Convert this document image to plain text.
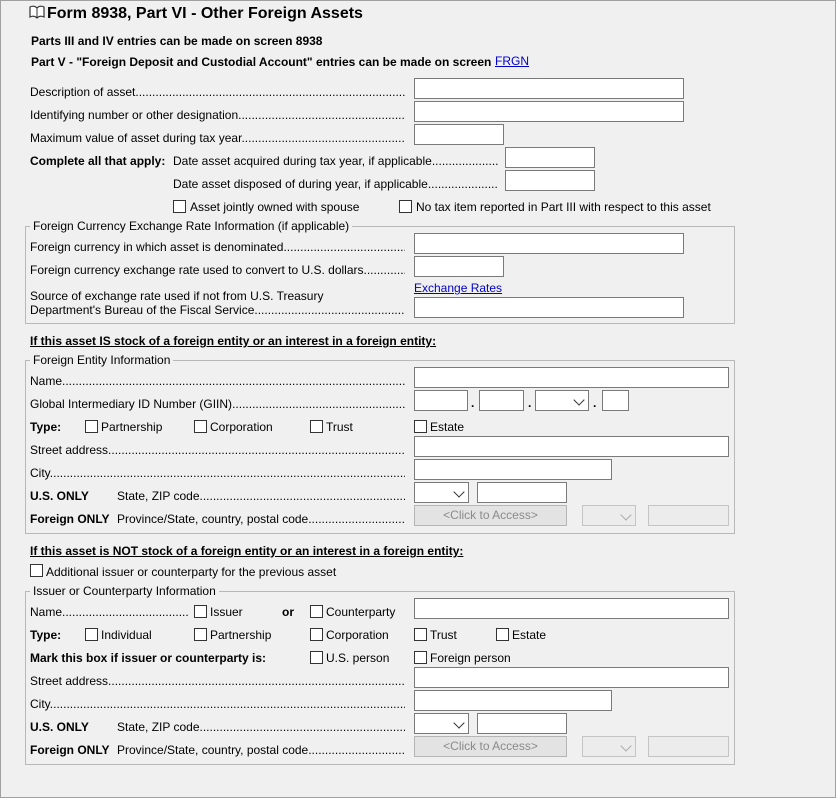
Form 8938, Part VI - Other Foreign Assets
Parts III and IV entries can be made on screen 8938
Part V - "Foreign Deposit and Custodial Account" entries can be made on screen FRGN
Description of asset .....
Identifying number or other designation .....
Maximum value of asset during tax year .....
Complete all that apply: Date asset acquired during tax year, if applicable .....
Date asset disposed of during year, if applicable .....
Asset jointly owned with spouse	No tax item reported in Part III with respect to this asset
Foreign Currency Exchange Rate Information (if applicable)
Foreign currency in which asset is denominated .....
Foreign currency exchange rate used to convert to U.S. dollars .....
Source of exchange rate used if not from U.S. Treasury
Department's Bureau of the Fiscal Service .....
Exchange Rates
If this asset IS stock of a foreign entity or an interest in a foreign entity:
Foreign Entity Information
Name .....
Global Intermediary ID Number (GIIN) .....	.	.	.
Type:	Partnership	Corporation	Trust	Estate
Street address .....
City .....
U.S. ONLY State, ZIP code .....
Foreign ONLY Province/State, country, postal code .....	<Click to Access>
If this asset is NOT stock of a foreign entity or an interest in a foreign entity:
Additional issuer or counterparty for the previous asset
Issuer or Counterparty Information
Name .....	Issuer	or	Counterparty
Type:	Individual	Partnership	Corporation	Trust	Estate
Mark this box if issuer or counterparty is:	U.S. person	Foreign person
Street address .....
City .....
U.S. ONLY State, ZIP code .....
Foreign ONLY Province/State, country, postal code .....	<Click to Access>
